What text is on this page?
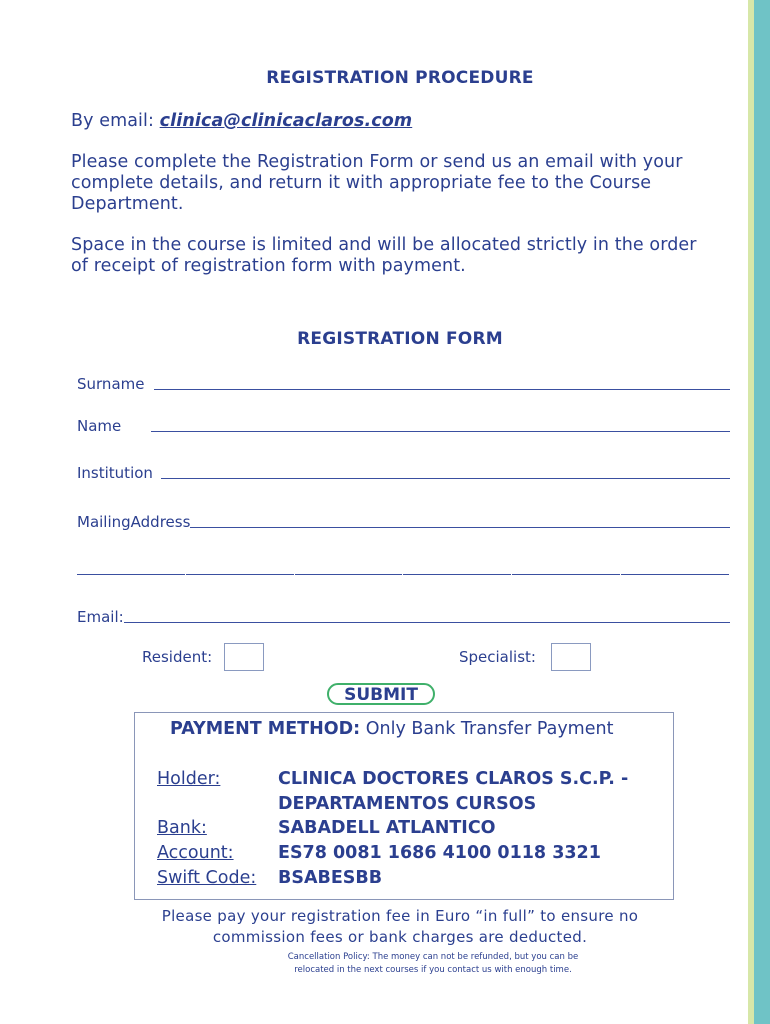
REGISTRATION PROCEDURE
By email: clinica@clinicaclaros.com
Please complete the Registration Form or send us an email with your complete details, and return it with appropriate fee to the Course Department.
Space in the course is limited and will be allocated strictly in the order of receipt of registration form with payment.
REGISTRATION FORM
Surname
Name
Institution
MailingAddress
Email:
Resident:	Specialist:
SUBMIT
PAYMENT METHOD: Only Bank Transfer Payment
Holder:	CLINICA DOCTORES CLAROS S.C.P. -
DEPARTAMENTOS CURSOS
Bank:	SABADELL ATLANTICO
Account:	ES78 0081 1686 4100 0118 3321
Swift Code: BSABESBB
Please pay your registration fee in Euro “in full” to ensure no
commission fees or bank charges are deducted.
Cancellation Policy: The money can not be refunded, but you can be
relocated in the next courses if you contact us with enough time.
